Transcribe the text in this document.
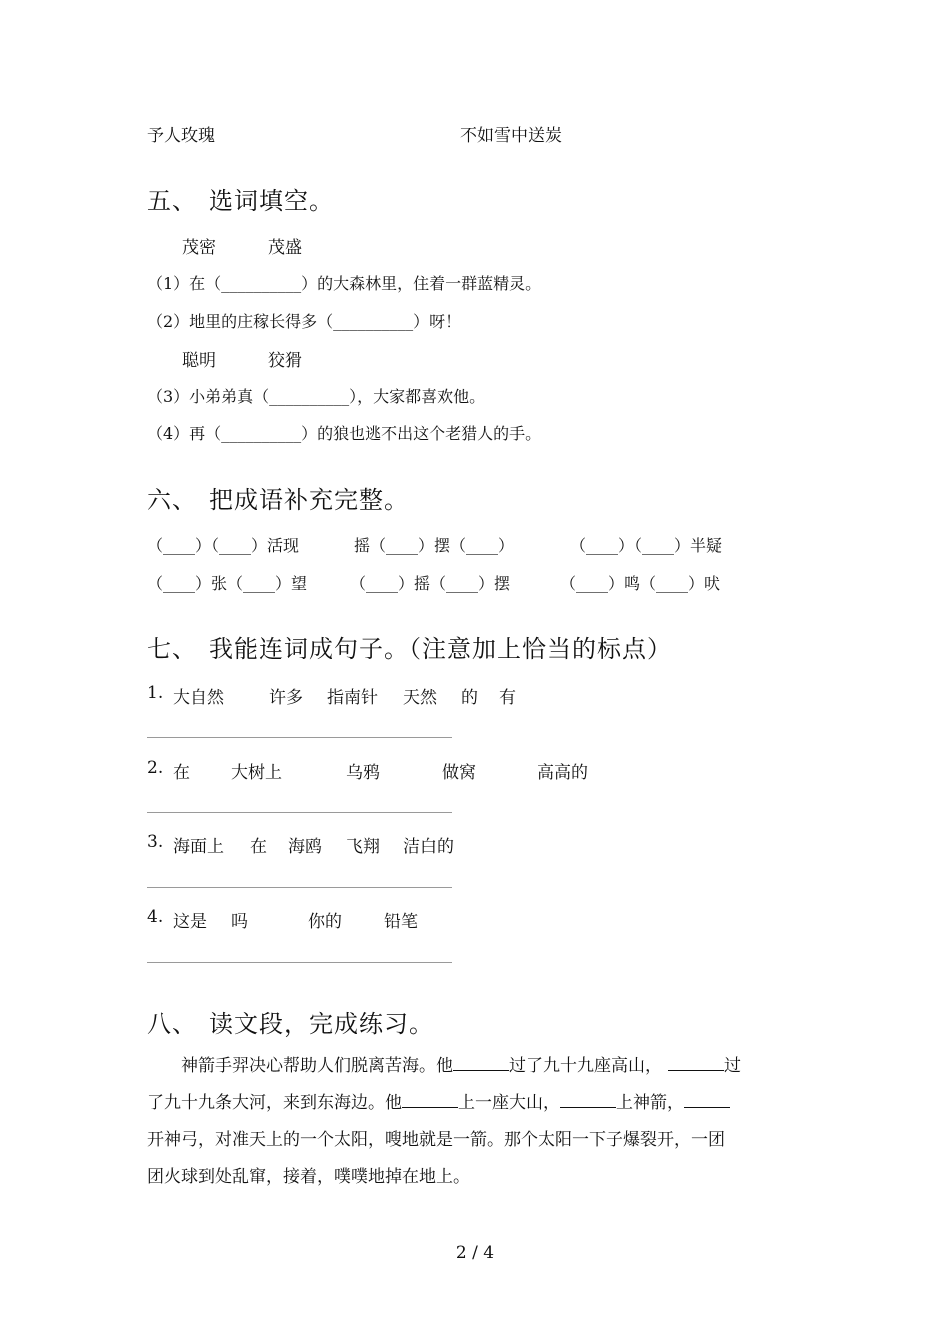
予人玫瑰	不如雪中送炭
五、 选词填空。
茂密	茂盛
（1）在（__________）的大森林里，住着一群蓝精灵。
（2）地里的庄稼长得多（__________）呀！
聪明	狡猾
（3）小弟弟真（__________），大家都喜欢他。
（4）再（__________）的狼也逃不出这个老猎人的手。
六、 把成语补充完整。
（____）（____）活现	摇（____）摆（____）	（____）（____）半疑
（____）张（____）望	（____）摇（____）摆	（____）鸣（____）吠
七、 我能连词成句子。（注意加上恰当的标点）
1. 大自然	许多 指南针 天然 的 有
2. 在 大树上	乌鸦	做窝	高高的
3. 海面上 在 海鸥 飞翔 洁白的
4. 这是 吗	你的 铅笔
八、 读文段，完成练习。
神箭手羿决心帮助人们脱离苦海。他	过了九十九座高山，	过
了九十九条大河，来到东海边。他	上一座大山，	上神箭，
开神弓，对准天上的一个太阳，嗖地就是一箭。那个太阳一下子爆裂开，一团
团火球到处乱窜，接着，噗噗地掉在地上。
2 / 4
